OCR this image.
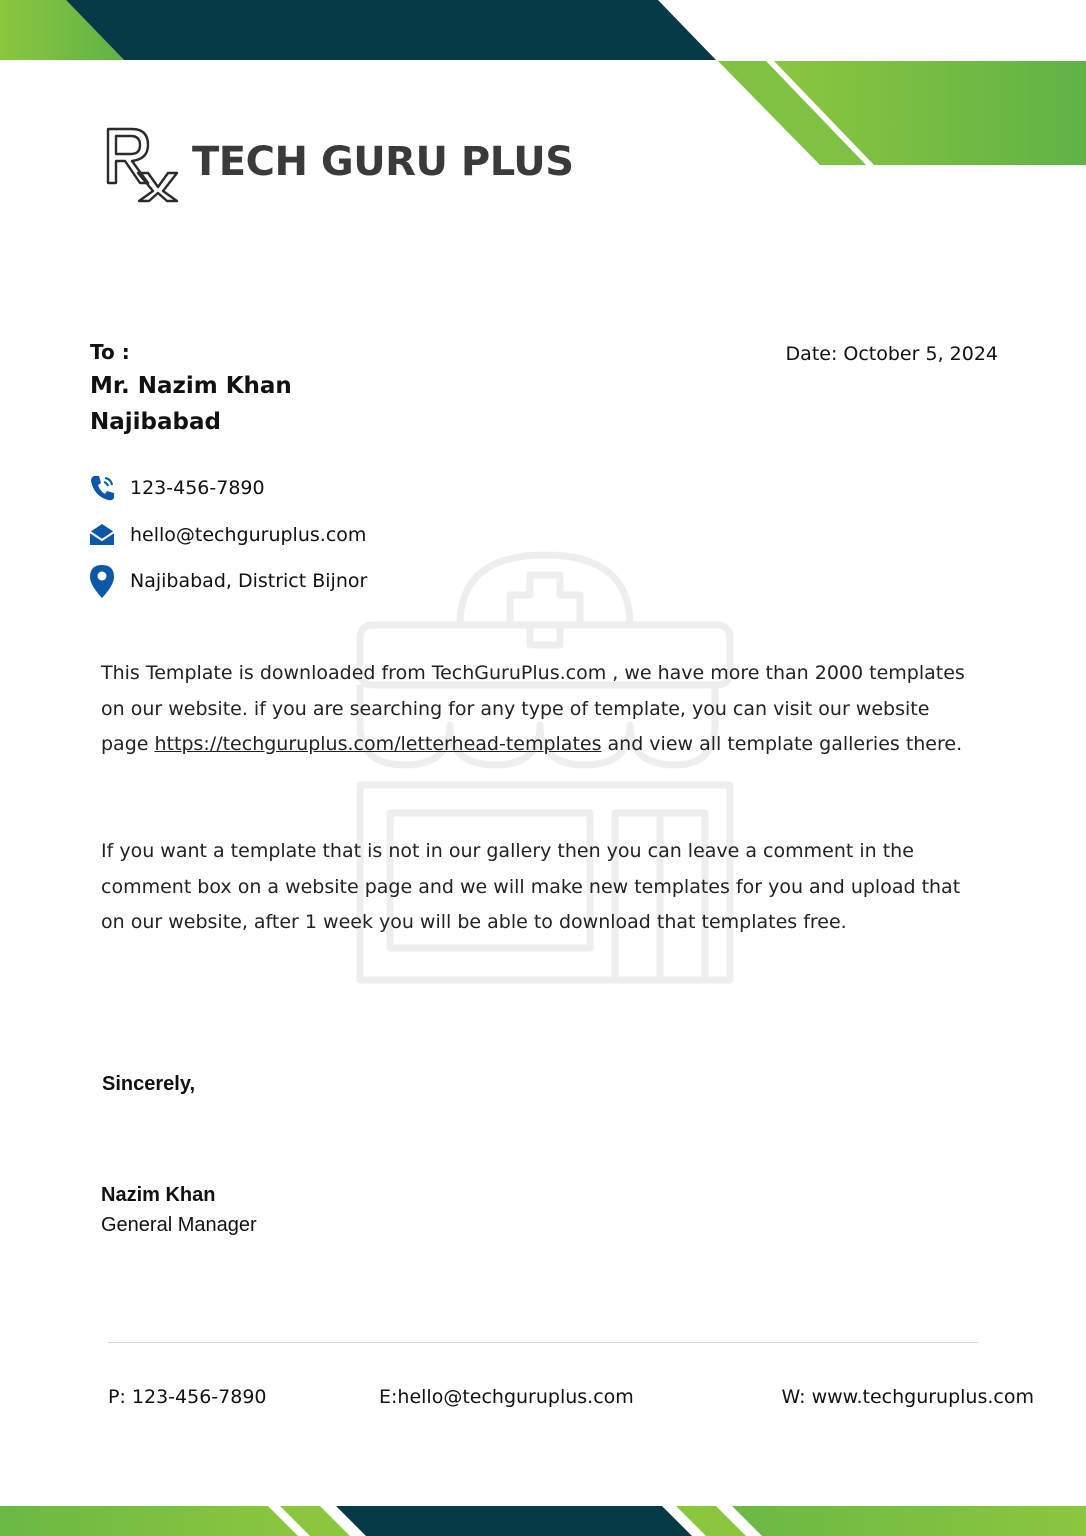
TECH GURU PLUS
To :
Mr. Nazim Khan
Najibabad
Date: October 5, 2024
123-456-7890
hello@techguruplus.com
Najibabad, District Bijnor

This Template is downloaded from TechGuruPlus.com , we have more than 2000 templates on our website. if you are searching for any type of template, you can visit our website page https://techguruplus.com/letterhead-templates and view all template galleries there.

If you want a template that is not in our gallery then you can leave a comment in the comment box on a website page and we will make new templates for you and upload that on our website, after 1 week you will be able to download that templates free.

Sincerely,
Nazim Khan
General Manager
P: 123-456-7890	E:hello@techguruplus.com	W: www.techguruplus.com
